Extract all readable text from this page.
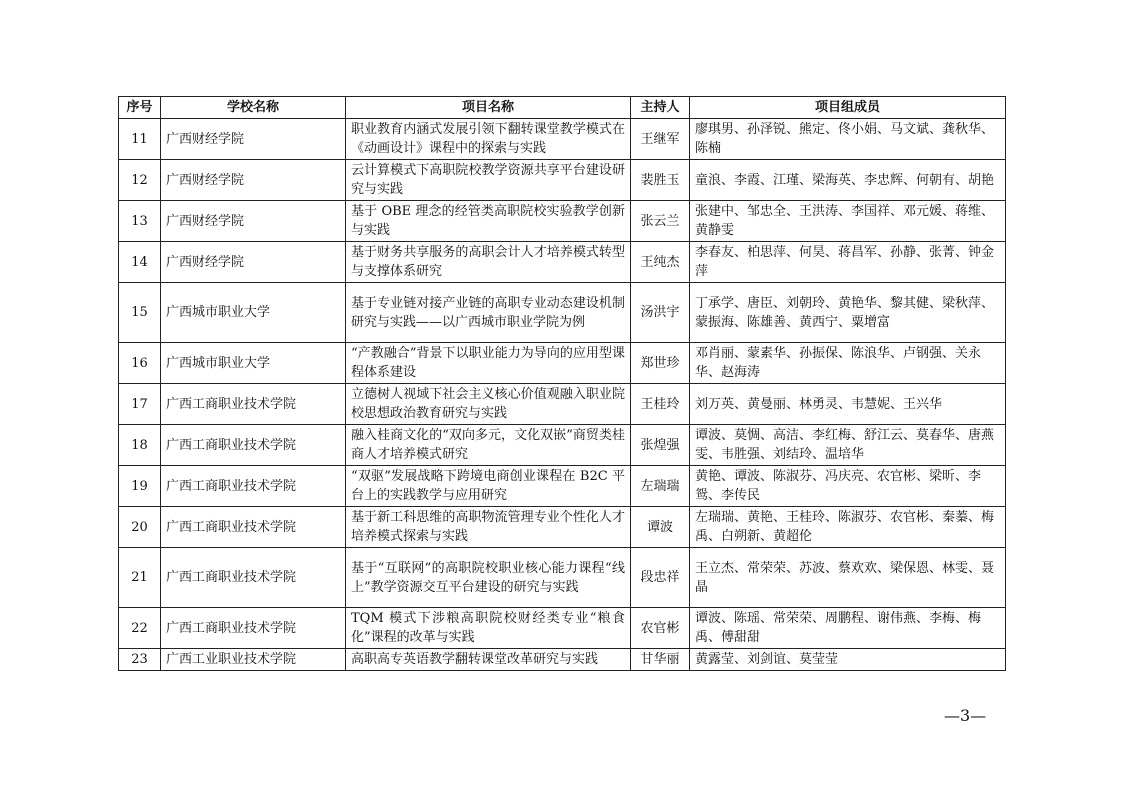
序号	学校名称	项目名称	主持人	项目组成员
11	广西财经学院	职业教育内涵式发展引领下翻转课堂教学模式在《动画设计》课程中的探索与实践	王继军	廖琪男、孙泽锐、熊定、佟小娟、马文斌、龚秋华、陈楠
12	广西财经学院	云计算模式下高职院校教学资源共享平台建设研究与实践	裴胜玉	童浪、李霞、江瑾、梁海英、李忠辉、何朝有、胡艳
13	广西财经学院	基于 OBE 理念的经管类高职院校实验教学创新与实践	张云兰	张建中、邹忠全、王洪涛、李国祥、邓元媛、蒋维、黄静雯
14	广西财经学院	基于财务共享服务的高职会计人才培养模式转型与支撑体系研究	王纯杰	李春友、柏思萍、何昊、蒋昌军、孙静、张菁、钟金萍
15	广西城市职业大学	基于专业链对接产业链的高职专业动态建设机制研究与实践——以广西城市职业学院为例	汤洪宇	丁承学、唐臣、刘朝玲、黄艳华、黎其健、梁秋萍、蒙振海、陈雄善、黄西宁、粟增富
16	广西城市职业大学	“产教融合”背景下以职业能力为导向的应用型课程体系建设	郑世珍	邓肖丽、蒙素华、孙振保、陈浪华、卢钢强、关永华、赵海涛
17	广西工商职业技术学院	立德树人视域下社会主义核心价值观融入职业院校思想政治教育研究与实践	王桂玲	刘万英、黄曼丽、林勇灵、韦慧妮、王兴华
18	广西工商职业技术学院	融入桂商文化的“双向多元，文化双嵌”商贸类桂商人才培养模式研究	张煌强	谭波、莫惆、高洁、李红梅、舒江云、莫春华、唐燕雯、韦胜强、刘结玲、温培华
19	广西工商职业技术学院	“双驱”发展战略下跨境电商创业课程在 B2C 平台上的实践教学与应用研究	左瑞瑞	黄艳、谭波、陈淑芬、冯庆亮、农官彬、梁昕、李鸳、李传民
20	广西工商职业技术学院	基于新工科思维的高职物流管理专业个性化人才培养模式探索与实践	谭波	左瑞瑞、黄艳、王桂玲、陈淑芬、农官彬、秦蓁、梅禹、白朔新、黄超伦
21	广西工商职业技术学院	基于“互联网”的高职院校职业核心能力课程“线上”教学资源交互平台建设的研究与实践	段忠祥	王立杰、常荣荣、苏波、蔡欢欢、梁保恩、林雯、聂晶
22	广西工商职业技术学院	TQM 模式下涉粮高职院校财经类专业“粮食化”课程的改革与实践	农官彬	谭波、陈瑶、常荣荣、周鹏程、谢伟燕、李梅、梅禹、傅甜甜
23	广西工业职业技术学院	高职高专英语教学翻转课堂改革研究与实践	甘华丽	黄露莹、刘剑谊、莫莹莹
—3—
